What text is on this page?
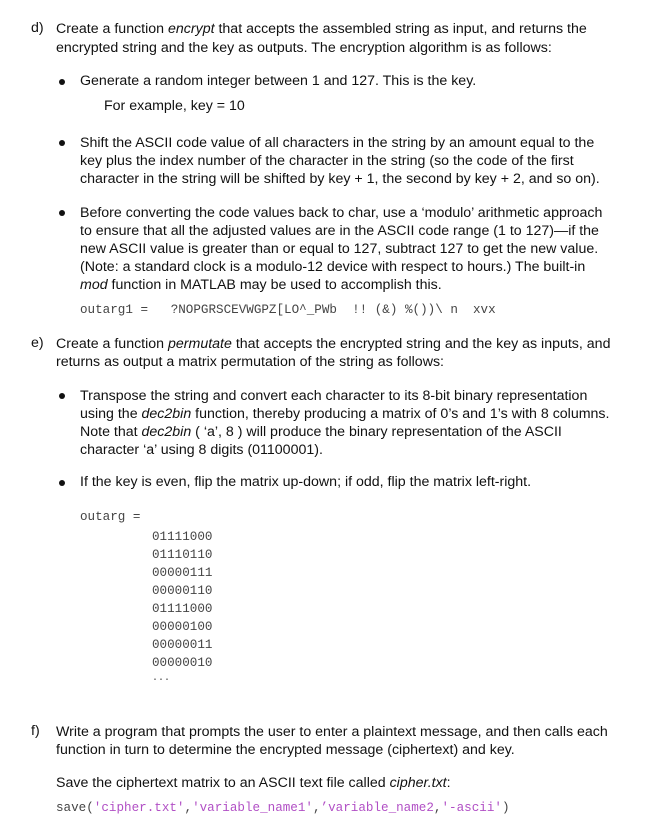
d) Create a function encrypt that accepts the assembled string as input, and returns the
encrypted string and the key as outputs. The encryption algorithm is as follows:
Generate a random integer between 1 and 127. This is the key.
For example, key = 10
Shift the ASCII code value of all characters in the string by an amount equal to the
key plus the index number of the character in the string (so the code of the first
character in the string will be shifted by key + 1, the second by key + 2, and so on).
Before converting the code values back to char, use a ‘modulo’ arithmetic approach
to ensure that all the adjusted values are in the ASCII code range (1 to 127)—if the
new ASCII value is greater than or equal to 127, subtract 127 to get the new value.
(Note: a standard clock is a modulo-12 device with respect to hours.) The built-in
mod function in MATLAB may be used to accomplish this.
outarg1 =   ?NOPGRSCEVWGPZ[LO^_PWb  !! (&) %())\ n  xvx
e) Create a function permutate that accepts the encrypted string and the key as inputs, and
returns as output a matrix permutation of the string as follows:
Transpose the string and convert each character to its 8-bit binary representation
using the dec2bin function, thereby producing a matrix of 0’s and 1’s with 8 columns.
Note that dec2bin ( ‘a’, 8 ) will produce the binary representation of the ASCII
character ‘a’ using 8 digits (01100001).
If the key is even, flip the matrix up-down; if odd, flip the matrix left-right.
outarg =
01111000
01110110
00000111
00000110
01111000
00000100
00000011
00000010
...
f) Write a program that prompts the user to enter a plaintext message, and then calls each
function in turn to determine the encrypted message (ciphertext) and key.
Save the ciphertext matrix to an ASCII text file called cipher.txt:
save('cipher.txt','variable_name1',’variable_name2,'-ascii')
